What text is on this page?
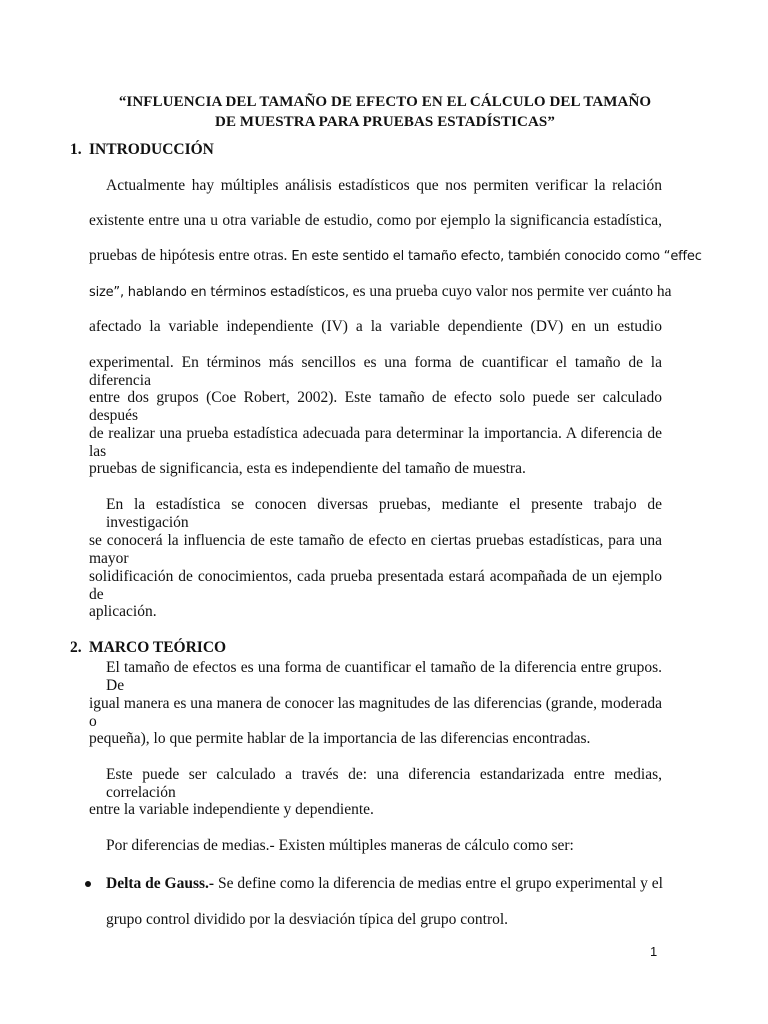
“INFLUENCIA DEL TAMAÑO DE EFECTO EN EL CÁLCULO DEL TAMAÑO
DE MUESTRA PARA PRUEBAS ESTADÍSTICAS”
1. INTRODUCCIÓN
Actualmente hay múltiples análisis estadísticos que nos permiten verificar la relación
existente entre una u otra variable de estudio, como por ejemplo la significancia estadística,
pruebas de hipótesis entre otras. En este sentido el tamaño efecto, también conocido como “effec
size”, hablando en términos estadísticos, es una prueba cuyo valor nos permite ver cuánto ha
afectado la variable independiente (IV) a la variable dependiente (DV) en un estudio
experimental. En términos más sencillos es una forma de cuantificar el tamaño de la diferencia
entre dos grupos (Coe Robert, 2002). Este tamaño de efecto solo puede ser calculado después
de realizar una prueba estadística adecuada para determinar la importancia. A diferencia de las
pruebas de significancia, esta es independiente del tamaño de muestra.
En la estadística se conocen diversas pruebas, mediante el presente trabajo de investigación
se conocerá la influencia de este tamaño de efecto en ciertas pruebas estadísticas, para una mayor
solidificación de conocimientos, cada prueba presentada estará acompañada de un ejemplo de
aplicación.
2. MARCO TEÓRICO
El tamaño de efectos es una forma de cuantificar el tamaño de la diferencia entre grupos. De
igual manera es una manera de conocer las magnitudes de las diferencias (grande, moderada o
pequeña), lo que permite hablar de la importancia de las diferencias encontradas.
Este puede ser calculado a través de: una diferencia estandarizada entre medias, correlación
entre la variable independiente y dependiente.
Por diferencias de medias.- Existen múltiples maneras de cálculo como ser:
Delta de Gauss.- Se define como la diferencia de medias entre el grupo experimental y el
grupo control dividido por la desviación típica del grupo control.
1
